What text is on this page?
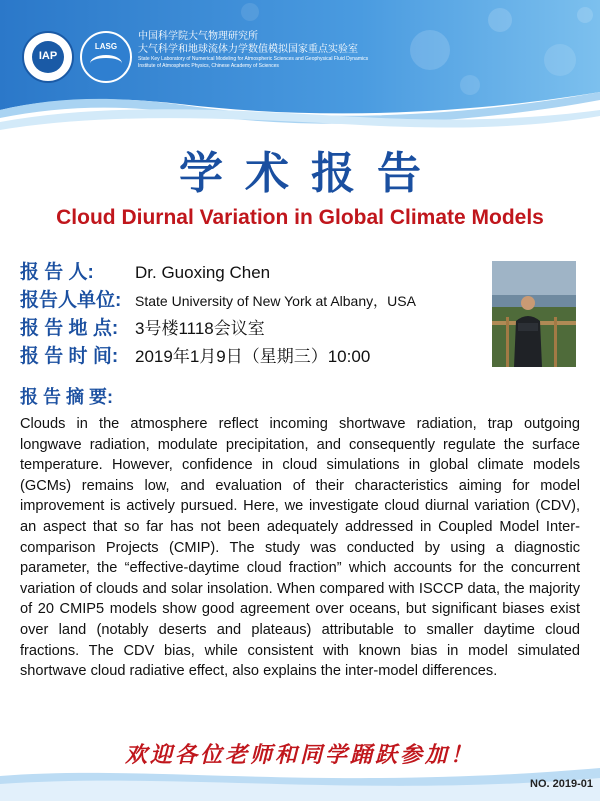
IAP
LASG
中国科学院大气物理研究所
大气科学和地球流体力学数值模拟国家重点实验室
State Key Laboratory of Numerical Modeling for Atmospheric Sciences and Geophysical Fluid Dynamics
Institute of Atmospheric Physics, Chinese Academy of Sciences
学术报告
Cloud Diurnal Variation in Global Climate Models
报 告 人: Dr. Guoxing Chen
报告人单位: State University of New York at Albany，USA
报 告 地 点: 3号楼1118会议室
报 告 时 间: 2019年1月9日（星期三）10:00
报 告 摘 要:

Clouds in the atmosphere reflect incoming shortwave radiation, trap outgoing longwave radiation, modulate precipitation, and consequently regulate the surface temperature. However, confidence in cloud simulations in global climate models (GCMs) remains low, and evaluation of their characteristics aiming for model improvement is actively pursued. Here, we investigate cloud diurnal variation (CDV), an aspect that so far has not been adequately addressed in Coupled Model Inter-comparison Projects (CMIP). The study was conducted by using a diagnostic parameter, the “effective-daytime cloud fraction” which accounts for the concurrent variation of clouds and solar insolation. When compared with ISCCP data, the majority of 20 CMIP5 models show good agreement over oceans, but significant biases exist over land (notably deserts and plateaus) attributable to smaller daytime cloud fractions. The CDV bias, while consistent with known bias in model simulated shortwave cloud radiative effect, also explains the inter-model differences.

欢迎各位老师和同学踊跃参加！
NO. 2019-01
